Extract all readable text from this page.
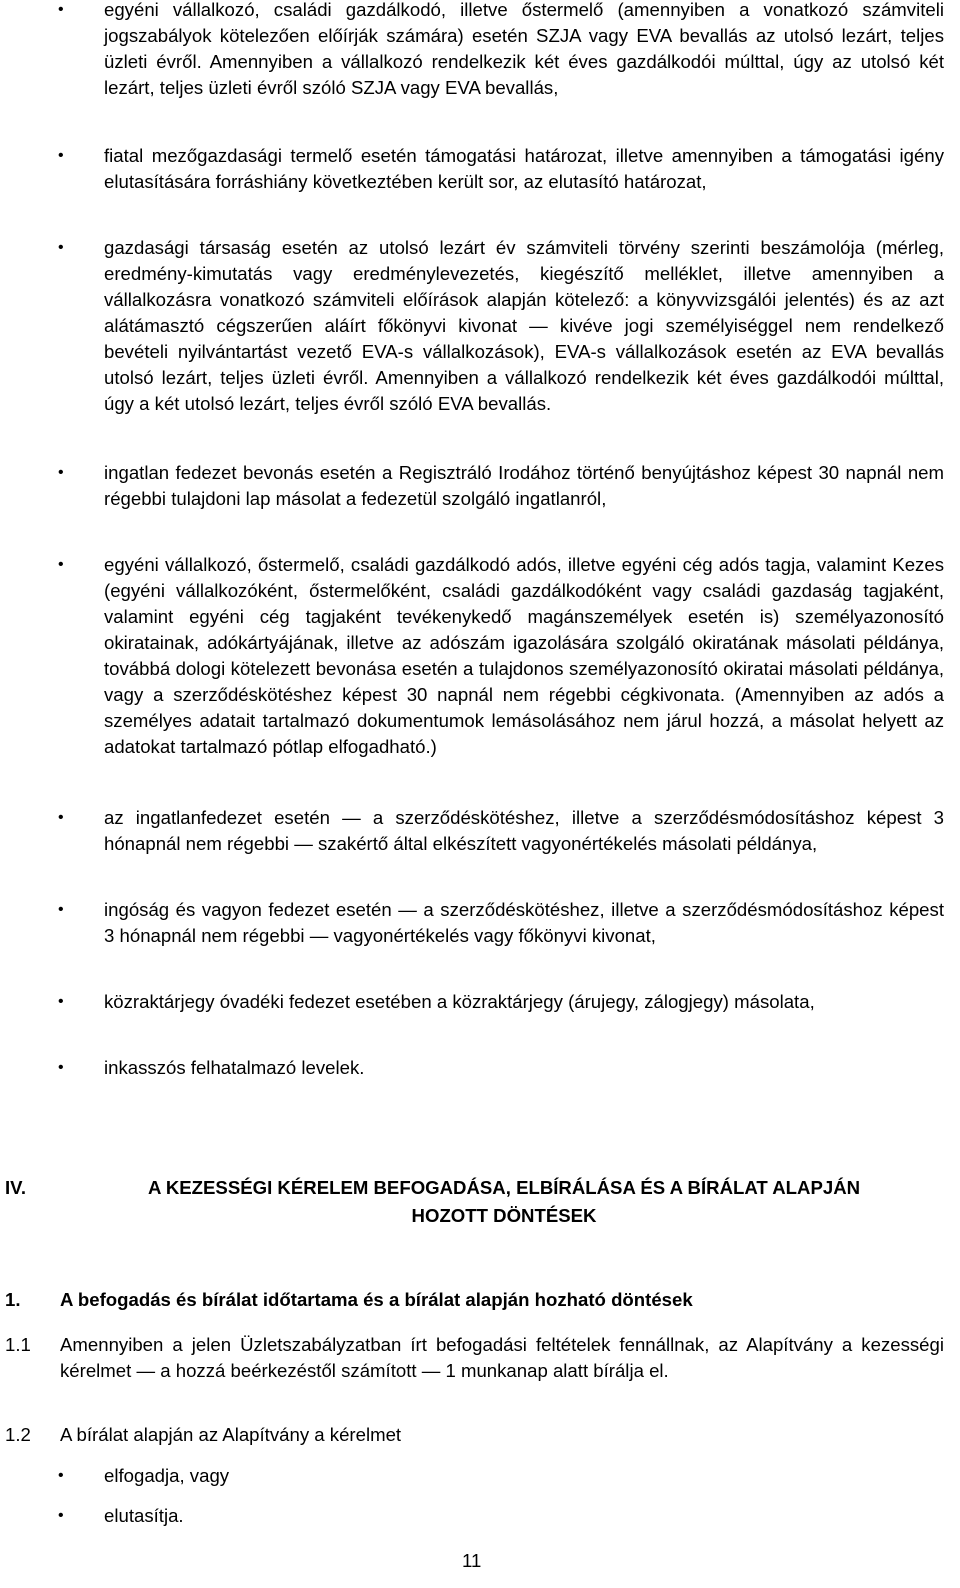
• egyéni vállalkozó, családi gazdálkodó, illetve őstermelő (amennyiben a vonatkozó számviteli jogszabályok kötelezően előírják számára) esetén SZJA vagy EVA bevallás az utolsó lezárt, teljes üzleti évről. Amennyiben a vállalkozó rendelkezik két éves gazdálkodói múlttal, úgy az utolsó két lezárt, teljes üzleti évről szóló SZJA vagy EVA bevallás,
• fiatal mezőgazdasági termelő esetén támogatási határozat, illetve amennyiben a támogatási igény elutasítására forráshiány következtében került sor, az elutasító határozat,
• gazdasági társaság esetén az utolsó lezárt év számviteli törvény szerinti beszámolója (mérleg, eredmény-kimutatás vagy eredménylevezetés, kiegészítő melléklet, illetve amennyiben a vállalkozásra vonatkozó számviteli előírások alapján kötelező: a könyvvizsgálói jelentés) és az azt alátámasztó cégszerűen aláírt főkönyvi kivonat — kivéve jogi személyiséggel nem rendelkező bevételi nyilvántartást vezető EVA-s vállalkozások), EVA-s vállalkozások esetén az EVA bevallás utolsó lezárt, teljes üzleti évről. Amennyiben a vállalkozó rendelkezik két éves gazdálkodói múlttal, úgy a két utolsó lezárt, teljes évről szóló EVA bevallás.
• ingatlan fedezet bevonás esetén a Regisztráló Irodához történő benyújtáshoz képest 30 napnál nem régebbi tulajdoni lap másolat a fedezetül szolgáló ingatlanról,
• egyéni vállalkozó, őstermelő, családi gazdálkodó adós, illetve egyéni cég adós tagja, valamint Kezes (egyéni vállalkozóként, őstermelőként, családi gazdálkodóként vagy családi gazdaság tagjaként, valamint egyéni cég tagjaként tevékenykedő magánszemélyek esetén is) személyazonosító okiratainak, adókártyájának, illetve az adószám igazolására szolgáló okiratának másolati példánya, továbbá dologi kötelezett bevonása esetén a tulajdonos személyazonosító okiratai másolati példánya, vagy a szerződéskötéshez képest 30 napnál nem régebbi cégkivonata. (Amennyiben az adós a személyes adatait tartalmazó dokumentumok lemásolásához nem járul hozzá, a másolat helyett az adatokat tartalmazó pótlap elfogadható.)
• az ingatlanfedezet esetén — a szerződéskötéshez, illetve a szerződésmódosításhoz képest 3 hónapnál nem régebbi — szakértő által elkészített vagyonértékelés másolati példánya,
• ingóság és vagyon fedezet esetén — a szerződéskötéshez, illetve a szerződésmódosításhoz képest 3 hónapnál nem régebbi — vagyonértékelés vagy főkönyvi kivonat,
• közraktárjegy óvadéki fedezet esetében a közraktárjegy (árujegy, zálogjegy) másolata,
• inkasszós felhatalmazó levelek.
IV.	A KEZESSÉGI KÉRELEM BEFOGADÁSA, ELBÍRÁLÁSA ÉS A BÍRÁLAT ALAPJÁN
HOZOTT DÖNTÉSEK
1. A befogadás és bírálat időtartama és a bírálat alapján hozható döntések
1.1 Amennyiben a jelen Üzletszabályzatban írt befogadási feltételek fennállnak, az Alapítvány a kezességi kérelmet — a hozzá beérkezéstől számított — 1 munkanap alatt bírálja el.
1.2 A bírálat alapján az Alapítvány a kérelmet
• elfogadja, vagy
• elutasítja.
11
